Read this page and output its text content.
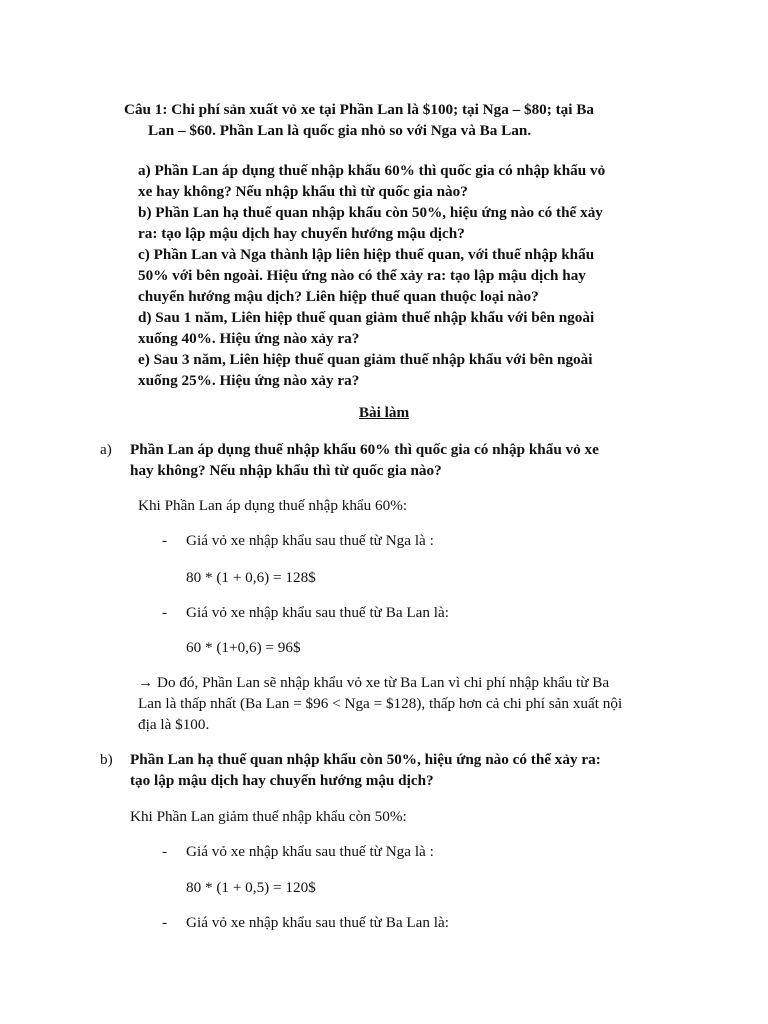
Câu 1: Chi phí sản xuất vỏ xe tại Phần Lan là $100; tại Nga – $80; tại Ba
Lan – $60. Phần Lan là quốc gia nhỏ so với Nga và Ba Lan.
a) Phần Lan áp dụng thuế nhập khẩu 60% thì quốc gia có nhập khẩu vỏ
xe hay không? Nếu nhập khẩu thì từ quốc gia nào?
b) Phần Lan hạ thuế quan nhập khẩu còn 50%, hiệu ứng nào có thể xảy
ra: tạo lập mậu dịch hay chuyển hướng mậu dịch?
c) Phần Lan và Nga thành lập liên hiệp thuế quan, với thuế nhập khẩu
50% với bên ngoài. Hiệu ứng nào có thể xảy ra: tạo lập mậu dịch hay
chuyển hướng mậu dịch? Liên hiệp thuế quan thuộc loại nào?
d) Sau 1 năm, Liên hiệp thuế quan giảm thuế nhập khẩu với bên ngoài
xuống 40%. Hiệu ứng nào xảy ra?
e) Sau 3 năm, Liên hiệp thuế quan giảm thuế nhập khẩu với bên ngoài
xuống 25%. Hiệu ứng nào xảy ra?
Bài làm
a) Phần Lan áp dụng thuế nhập khẩu 60% thì quốc gia có nhập khẩu vỏ xe
hay không? Nếu nhập khẩu thì từ quốc gia nào?
Khi Phần Lan áp dụng thuế nhập khẩu 60%:
- Giá vỏ xe nhập khẩu sau thuế từ Nga là :
80 * (1 + 0,6) = 128$
- Giá vỏ xe nhập khẩu sau thuế từ Ba Lan là:
60 * (1+0,6) = 96$
→ Do đó, Phần Lan sẽ nhập khẩu vỏ xe từ Ba Lan vì chi phí nhập khẩu từ Ba
Lan là thấp nhất (Ba Lan = $96 < Nga = $128), thấp hơn cả chi phí sản xuất nội
địa là $100.
b) Phần Lan hạ thuế quan nhập khẩu còn 50%, hiệu ứng nào có thể xảy ra:
tạo lập mậu dịch hay chuyển hướng mậu dịch?
Khi Phần Lan giảm thuế nhập khẩu còn 50%:
- Giá vỏ xe nhập khẩu sau thuế từ Nga là :
80 * (1 + 0,5) = 120$
- Giá vỏ xe nhập khẩu sau thuế từ Ba Lan là:
